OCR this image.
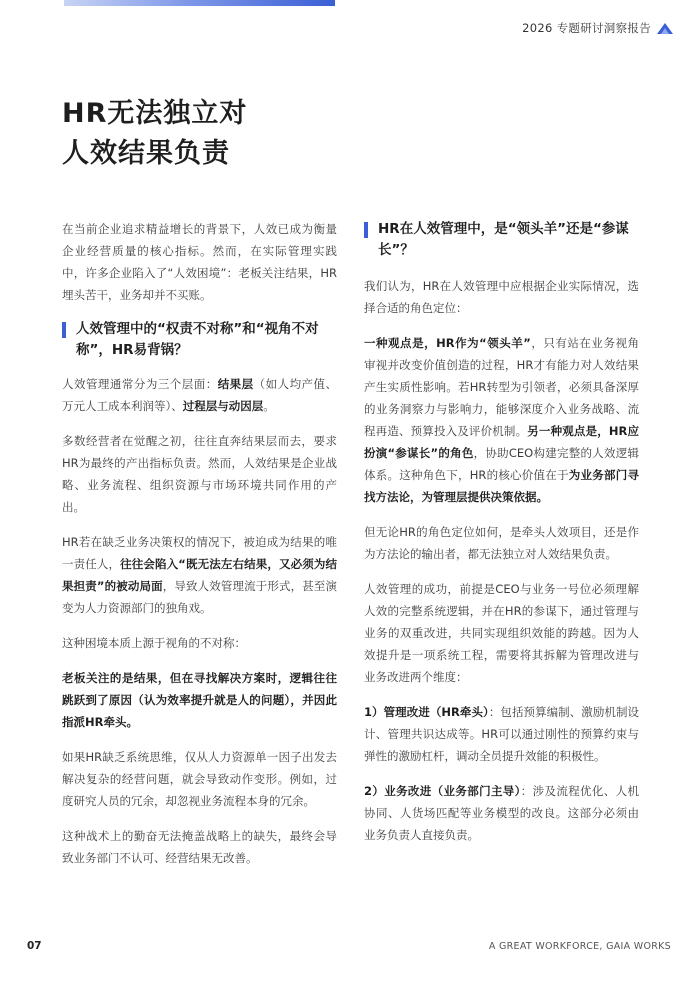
2026 专题研讨洞察报告
HR无法独立对
人效结果负责

在当前企业追求精益增长的背景下，人效已成为衡量企业经营质量的核心指标。然而，在实际管理实践中，许多企业陷入了“人效困境”：老板关注结果，HR埋头苦干，业务却并不买账。

人效管理中的“权责不对称”和“视角不对称”，HR易背锅？

人效管理通常分为三个层面：结果层（如人均产值、万元人工成本利润等）、过程层与动因层。

多数经营者在觉醒之初，往往直奔结果层而去，要求HR为最终的产出指标负责。然而，人效结果是企业战略、业务流程、组织资源与市场环境共同作用的产出。

HR若在缺乏业务决策权的情况下，被迫成为结果的唯一责任人，往往会陷入“既无法左右结果，又必须为结果担责”的被动局面，导致人效管理流于形式，甚至演变为人力资源部门的独角戏。

这种困境本质上源于视角的不对称：

老板关注的是结果，但在寻找解决方案时，逻辑往往跳跃到了原因（认为效率提升就是人的问题），并因此指派HR牵头。

如果HR缺乏系统思维，仅从人力资源单一因子出发去解决复杂的经营问题，就会导致动作变形。例如，过度研究人员的冗余，却忽视业务流程本身的冗余。

这种战术上的勤奋无法掩盖战略上的缺失，最终会导致业务部门不认可、经营结果无改善。

HR在人效管理中，是“领头羊”还是“参谋长”？

我们认为，HR在人效管理中应根据企业实际情况，选择合适的角色定位：

一种观点是，HR作为“领头羊”，只有站在业务视角审视并改变价值创造的过程，HR才有能力对人效结果产生实质性影响。若HR转型为引领者，必须具备深厚的业务洞察力与影响力，能够深度介入业务战略、流程再造、预算投入及评价机制。另一种观点是，HR应扮演“参谋长”的角色，协助CEO构建完整的人效逻辑体系。这种角色下，HR的核心价值在于为业务部门寻找方法论，为管理层提供决策依据。

但无论HR的角色定位如何，是牵头人效项目，还是作为方法论的输出者，都无法独立对人效结果负责。

人效管理的成功，前提是CEO与业务一号位必须理解人效的完整系统逻辑，并在HR的参谋下，通过管理与业务的双重改进，共同实现组织效能的跨越。因为人效提升是一项系统工程，需要将其拆解为管理改进与业务改进两个维度：

1）管理改进（HR牵头）：包括预算编制、激励机制设计、管理共识达成等。HR可以通过刚性的预算约束与弹性的激励杠杆，调动全员提升效能的积极性。

2）业务改进（业务部门主导）：涉及流程优化、人机协同、人货场匹配等业务模型的改良。这部分必须由业务负责人直接负责。

07	A GREAT WORKFORCE, GAIA WORKS
